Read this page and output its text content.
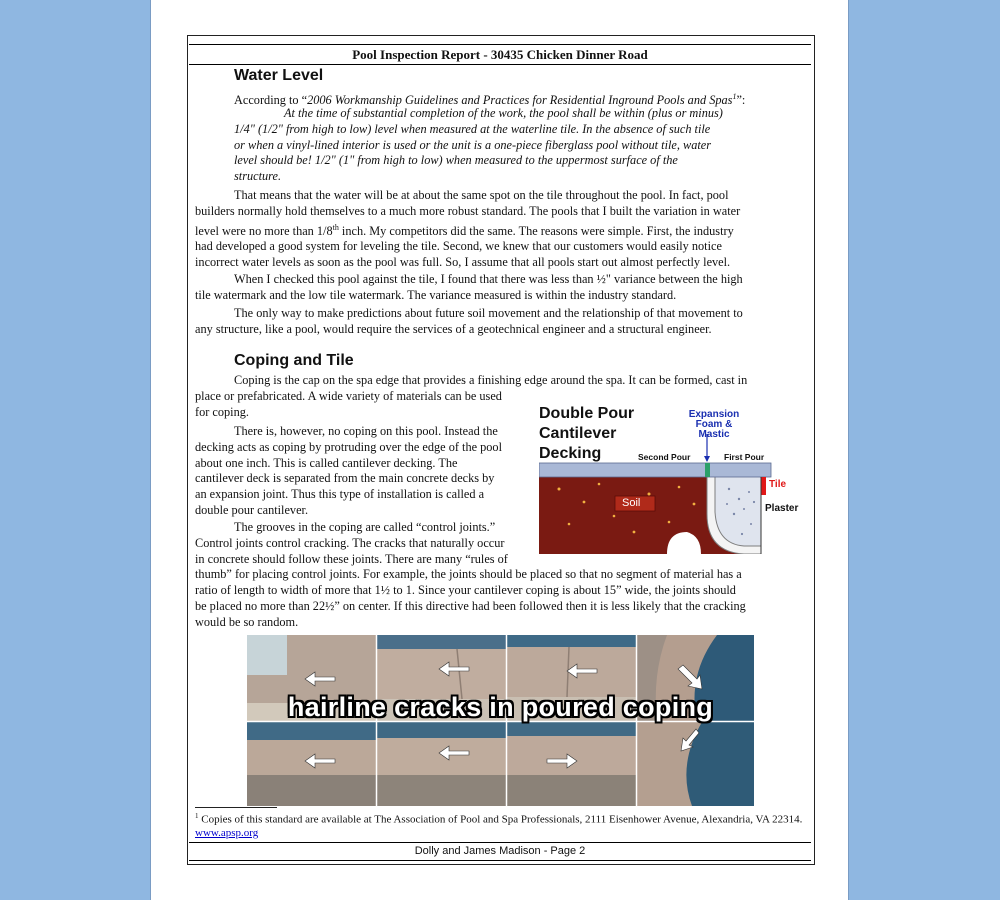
Pool Inspection Report - 30435 Chicken Dinner Road
Water Level

According to “2006 Workmanship Guidelines and Practices for Residential Inground Pools and Spas$^1$”:

At the time of substantial completion of the work, the pool shall be within (plus or minus)
1/4" (1/2" from high to low) level when measured at the waterline tile. In the absence of such tile
or when a vinyl-lined interior is used or the unit is a one-piece fiberglass pool without tile, water
level should be! 1/2" (1" from high to low) when measured to the uppermost surface of the
structure.
That means that the water will be at about the same spot on the tile throughout the pool. In fact, pool
builders normally hold themselves to a much more robust standard. The pools that I built the variation in water
level were no more than 1/8th inch. My competitors did the same. The reasons were simple. First, the industry
had developed a good system for leveling the tile. Second, we knew that our customers would easily notice
incorrect water levels as soon as the pool was full. So, I assume that all pools start out almost perfectly level.
When I checked this pool against the tile, I found that there was less than ½" variance between the high
tile watermark and the low tile watermark. The variance measured is within the industry standard.
The only way to make predictions about future soil movement and the relationship of that movement to
any structure, like a pool, would require the services of a geotechnical engineer and a structural engineer.
Coping and Tile
Coping is the cap on the spa edge that provides a finishing edge around the spa. It can be formed, cast in
place or prefabricated. A wide variety of materials can be used
for coping.
There is, however, no coping on this pool. Instead the
decking acts as coping by protruding over the edge of the pool
about one inch. This is called cantilever decking. The
cantilever deck is separated from the main concrete decks by
an expansion joint. Thus this type of installation is called a
double pour cantilever.
The grooves in the coping are called “control joints.”
Control joints control cracking. The cracks that naturally occur
in concrete should follow these joints. There are many “rules of
thumb” for placing control joints. For example, the joints should be placed so that no segment of material has a
ratio of length to width of more that 1½ to 1. Since your cantilever coping is about 15” wide, the joints should
be placed no more than 22½” on center. If this directive had been followed then it is less likely that the cracking
would be so random.
Double Pour
Cantilever
Decking
Expansion
Foam &
Mastic
Second Pour	First Pour
Soil
Tile
Plaster
hairline cracks in poured coping
$^1$ Copies of this standard are available at The Association of Pool and Spa Professionals, 2111 Eisenhower Avenue, Alexandria, VA 22314. www.apsp.org
Dolly and James Madison - Page 2
